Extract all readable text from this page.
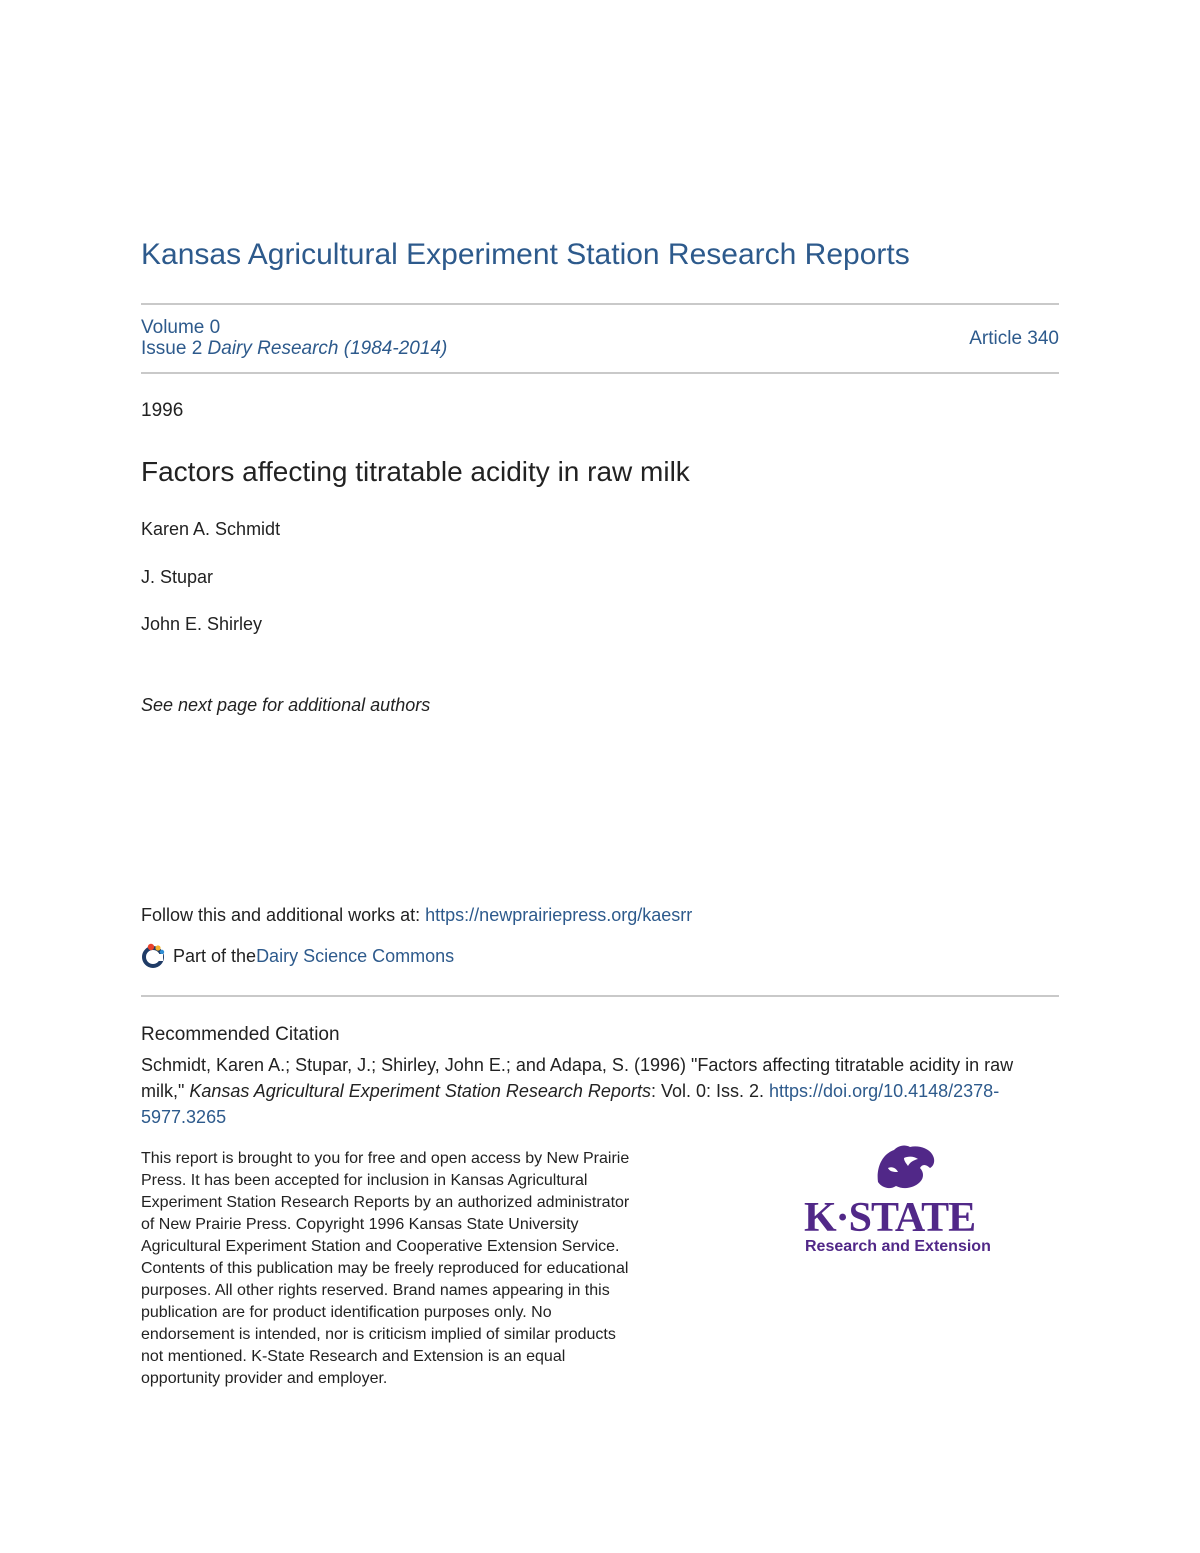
Kansas Agricultural Experiment Station Research Reports
Volume 0
Issue 2 Dairy Research (1984-2014)	Article 340
1996
Factors affecting titratable acidity in raw milk
Karen A. Schmidt
J. Stupar
John E. Shirley
See next page for additional authors
Follow this and additional works at: https://newprairiepress.org/kaesrr
Part of the Dairy Science Commons
Recommended Citation
Schmidt, Karen A.; Stupar, J.; Shirley, John E.; and Adapa, S. (1996) "Factors affecting titratable acidity in raw milk," Kansas Agricultural Experiment Station Research Reports: Vol. 0: Iss. 2. https://doi.org/10.4148/2378-5977.3265
This report is brought to you for free and open access by New Prairie Press. It has been accepted for inclusion in Kansas Agricultural Experiment Station Research Reports by an authorized administrator of New Prairie Press. Copyright 1996 Kansas State University Agricultural Experiment Station and Cooperative Extension Service. Contents of this publication may be freely reproduced for educational purposes. All other rights reserved. Brand names appearing in this publication are for product identification purposes only. No endorsement is intended, nor is criticism implied of similar products not mentioned. K-State Research and Extension is an equal opportunity provider and employer.
K·STATE
Research and Extension
